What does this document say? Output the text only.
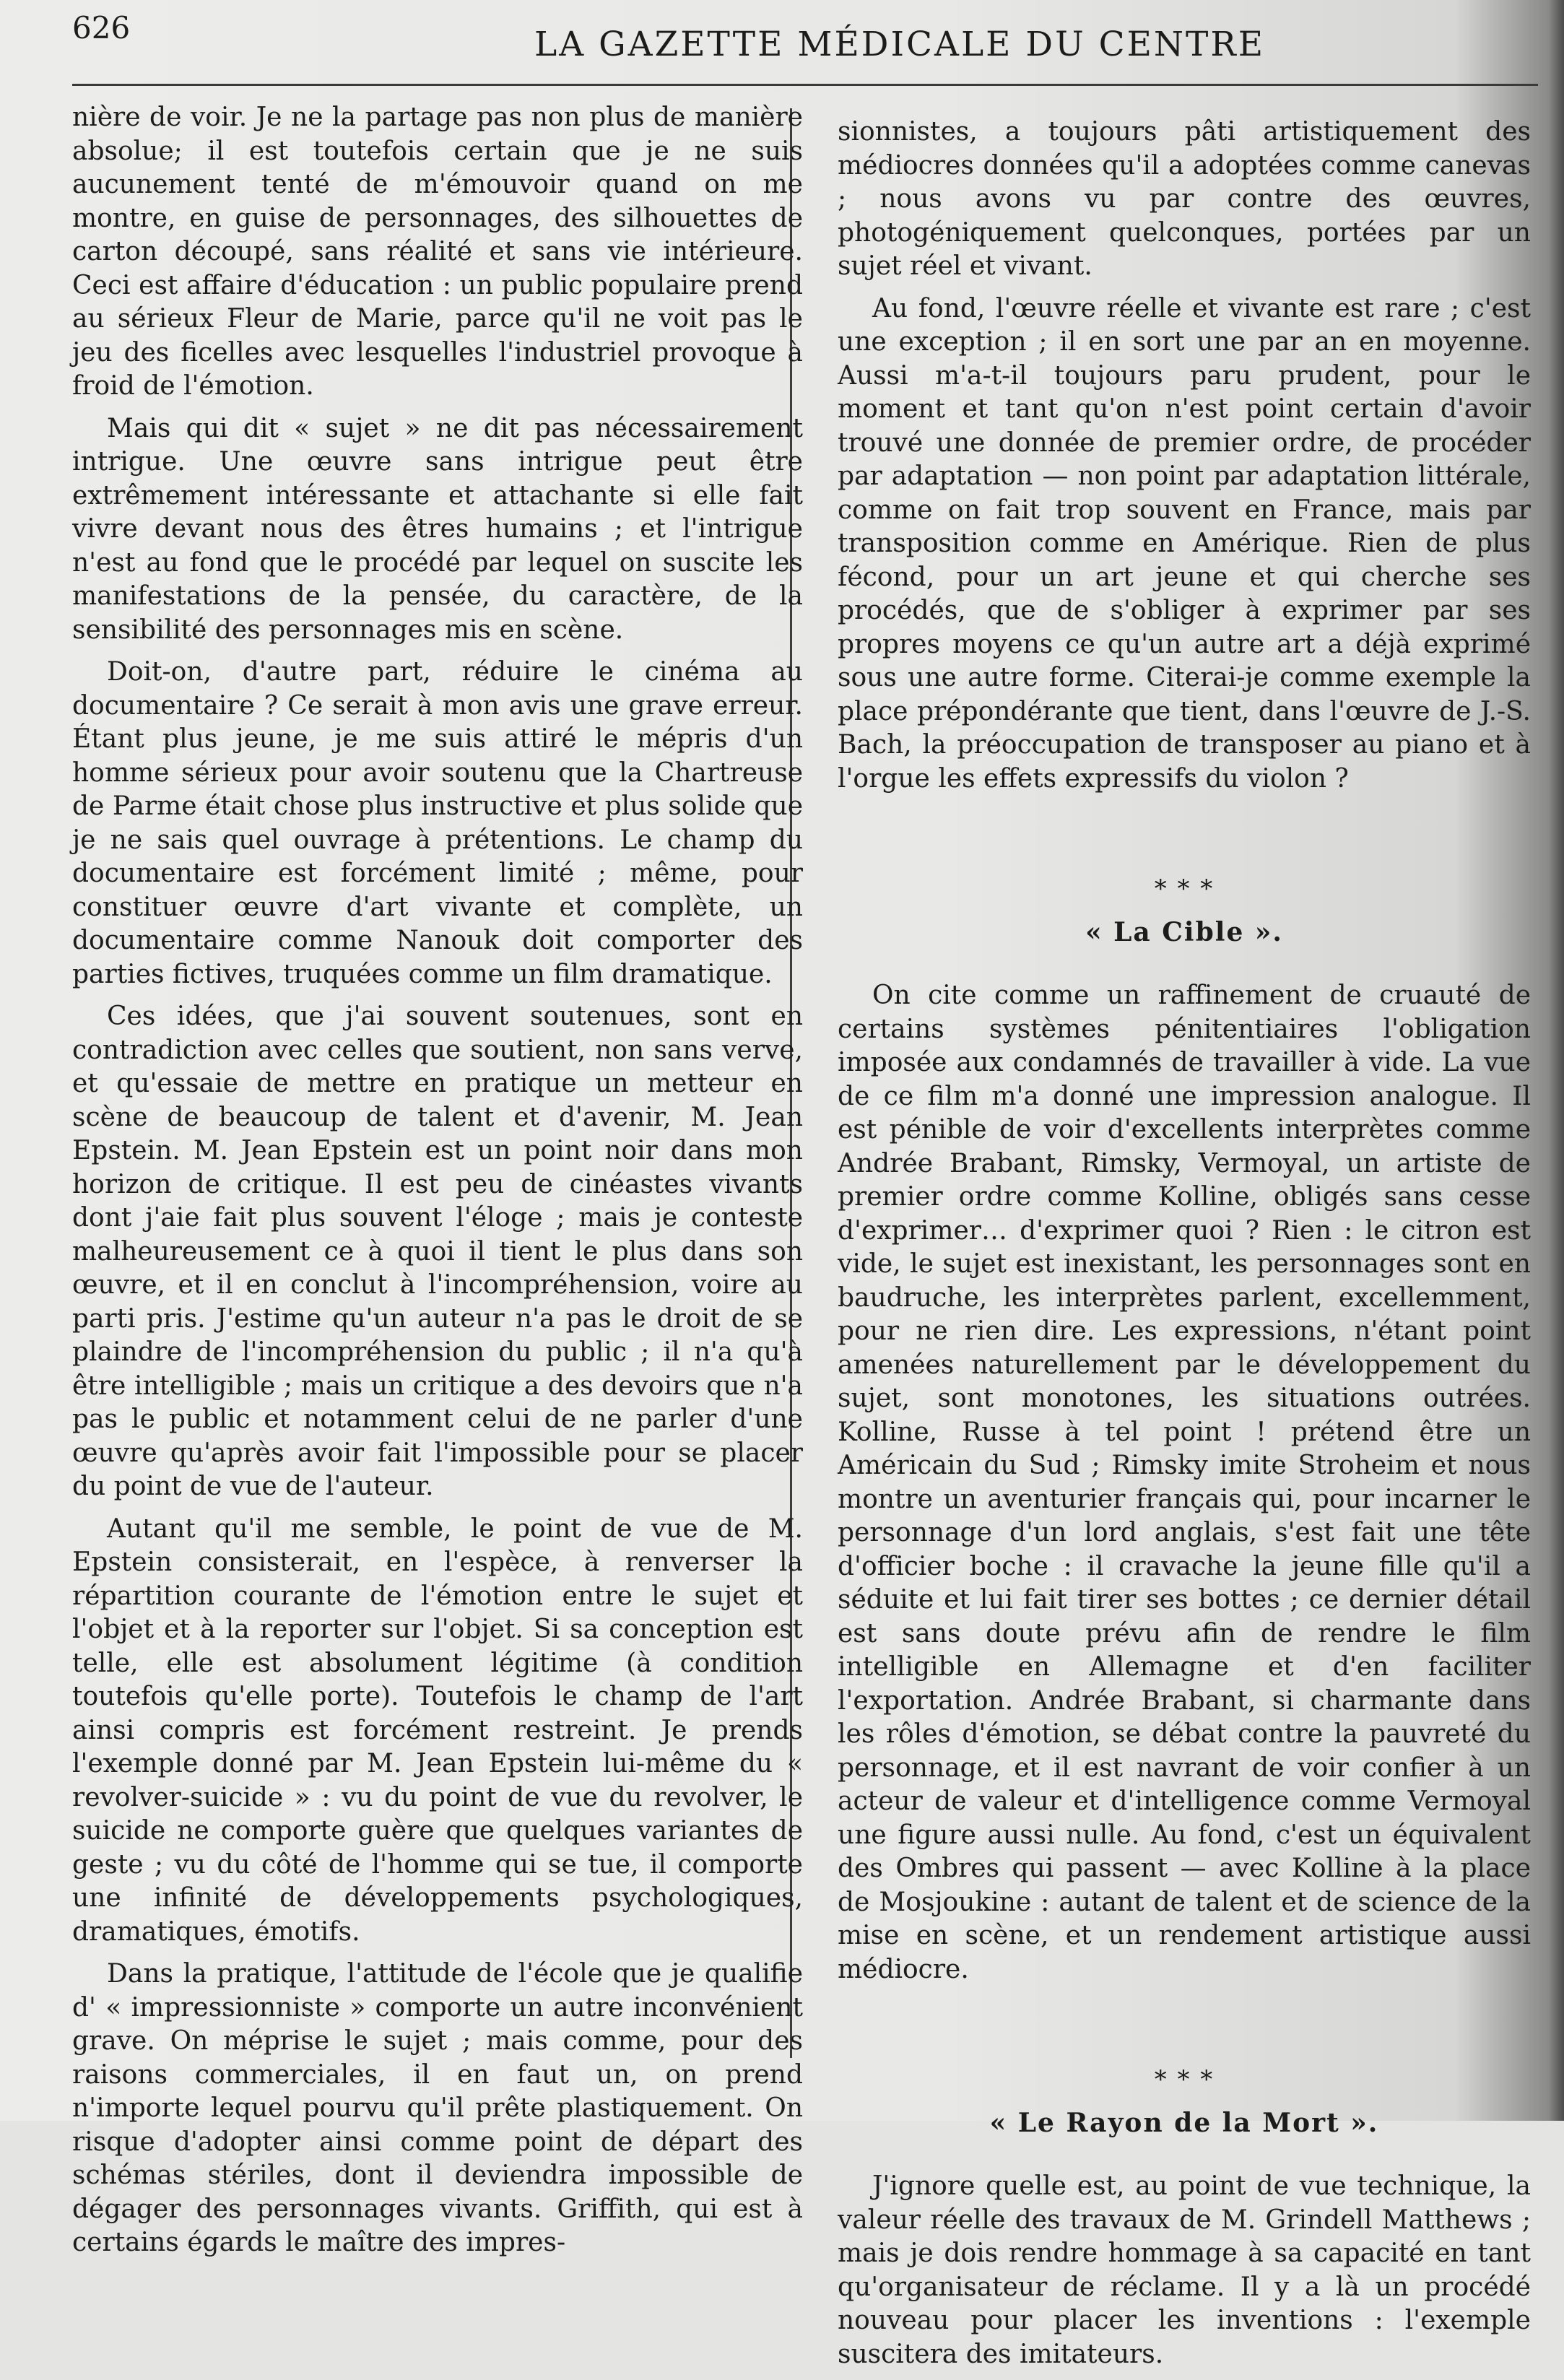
626	LA GAZETTE MÉDICALE DU CENTRE

nière de voir. Je ne la partage pas non plus de manière absolue; il est toutefois certain que je ne suis aucunement tenté de m'émouvoir quand on me montre, en guise de personnages, des silhouettes de carton découpé, sans réalité et sans vie intérieure. Ceci est affaire d'éducation : un public populaire prend au sérieux Fleur de Marie, parce qu'il ne voit pas le jeu des ficelles avec lesquelles l'industriel provoque à froid de l'émotion.

Mais qui dit « sujet » ne dit pas nécessairement intrigue. Une œuvre sans intrigue peut être extrêmement intéressante et attachante si elle fait vivre devant nous des êtres humains ; et l'intrigue n'est au fond que le procédé par lequel on suscite les manifestations de la pensée, du caractère, de la sensibilité des personnages mis en scène.

Doit-on, d'autre part, réduire le cinéma au documentaire ? Ce serait à mon avis une grave erreur. Étant plus jeune, je me suis attiré le mépris d'un homme sérieux pour avoir soutenu que la Chartreuse de Parme était chose plus instructive et plus solide que je ne sais quel ouvrage à prétentions. Le champ du documentaire est forcément limité ; même, pour constituer œuvre d'art vivante et complète, un documentaire comme Nanouk doit comporter des parties fictives, truquées comme un film dramatique.

Ces idées, que j'ai souvent soutenues, sont en contradiction avec celles que soutient, non sans verve, et qu'essaie de mettre en pratique un metteur en scène de beaucoup de talent et d'avenir, M. Jean Epstein. M. Jean Epstein est un point noir dans mon horizon de critique. Il est peu de cinéastes vivants dont j'aie fait plus souvent l'éloge ; mais je conteste malheureusement ce à quoi il tient le plus dans son œuvre, et il en conclut à l'incompréhension, voire au parti pris. J'estime qu'un auteur n'a pas le droit de se plaindre de l'incompréhension du public ; il n'a qu'à être intelligible ; mais un critique a des devoirs que n'a pas le public et notamment celui de ne parler d'une œuvre qu'après avoir fait l'impossible pour se placer du point de vue de l'auteur.

Autant qu'il me semble, le point de vue de M. Epstein consisterait, en l'espèce, à renverser la répartition courante de l'émotion entre le sujet et l'objet et à la reporter sur l'objet. Si sa conception est telle, elle est absolument légitime (à condition toutefois qu'elle porte). Toutefois le champ de l'art ainsi compris est forcément restreint. Je prends l'exemple donné par M. Jean Epstein lui-même du « revolver-suicide » : vu du point de vue du revolver, le suicide ne comporte guère que quelques variantes de geste ; vu du côté de l'homme qui se tue, il comporte une infinité de développements psychologiques, dramatiques, émotifs.

Dans la pratique, l'attitude de l'école que je qualifie d' « impressionniste » comporte un autre inconvénient grave. On méprise le sujet ; mais comme, pour des raisons commerciales, il en faut un, on prend n'importe lequel pourvu qu'il prête plastiquement. On risque d'adopter ainsi comme point de départ des schémas stériles, dont il deviendra impossible de dégager des personnages vivants. Griffith, qui est à certains égards le maître des impres-

sionnistes, a toujours pâti artistiquement des médiocres données qu'il a adoptées comme canevas ; nous avons vu par contre des œuvres, photogéniquement quelconques, portées par un sujet réel et vivant.

Au fond, l'œuvre réelle et vivante est rare ; c'est une exception ; il en sort une par an en moyenne. Aussi m'a-t-il toujours paru prudent, pour le moment et tant qu'on n'est point certain d'avoir trouvé une donnée de premier ordre, de procéder par adaptation — non point par adaptation littérale, comme on fait trop souvent en France, mais par transposition comme en Amérique. Rien de plus fécond, pour un art jeune et qui cherche ses procédés, que de s'obliger à exprimer par ses propres moyens ce qu'un autre art a déjà exprimé sous une autre forme. Citerai-je comme exemple la place prépondérante que tient, dans l'œuvre de J.-S. Bach, la préoccupation de transposer au piano et à l'orgue les effets expressifs du violon ?

* * *
« La Cible ».

On cite comme un raffinement de cruauté de certains systèmes pénitentiaires l'obligation imposée aux condamnés de travailler à vide. La vue de ce film m'a donné une impression analogue. Il est pénible de voir d'excellents interprètes comme Andrée Brabant, Rimsky, Vermoyal, un artiste de premier ordre comme Kolline, obligés sans cesse d'exprimer… d'exprimer quoi ? Rien : le citron est vide, le sujet est inexistant, les personnages sont en baudruche, les interprètes parlent, excellemment, pour ne rien dire. Les expressions, n'étant point amenées naturellement par le développement du sujet, sont monotones, les situations outrées. Kolline, Russe à tel point ! prétend être un Américain du Sud ; Rimsky imite Stroheim et nous montre un aventurier français qui, pour incarner le personnage d'un lord anglais, s'est fait une tête d'officier boche : il cravache la jeune fille qu'il a séduite et lui fait tirer ses bottes ; ce dernier détail est sans doute prévu afin de rendre le film intelligible en Allemagne et d'en faciliter l'exportation. Andrée Brabant, si charmante dans les rôles d'émotion, se débat contre la pauvreté du personnage, et il est navrant de voir confier à un acteur de valeur et d'intelligence comme Vermoyal une figure aussi nulle. Au fond, c'est un équivalent des Ombres qui passent — avec Kolline à la place de Mosjoukine : autant de talent et de science de la mise en scène, et un rendement artistique aussi médiocre.

* * *
« Le Rayon de la Mort ».

J'ignore quelle est, au point de vue technique, la valeur réelle des travaux de M. Grindell Matthews ; mais je dois rendre hommage à sa capacité en tant qu'organisateur de réclame. Il y a là un procédé nouveau pour placer les inventions : l'exemple suscitera des imitateurs.
